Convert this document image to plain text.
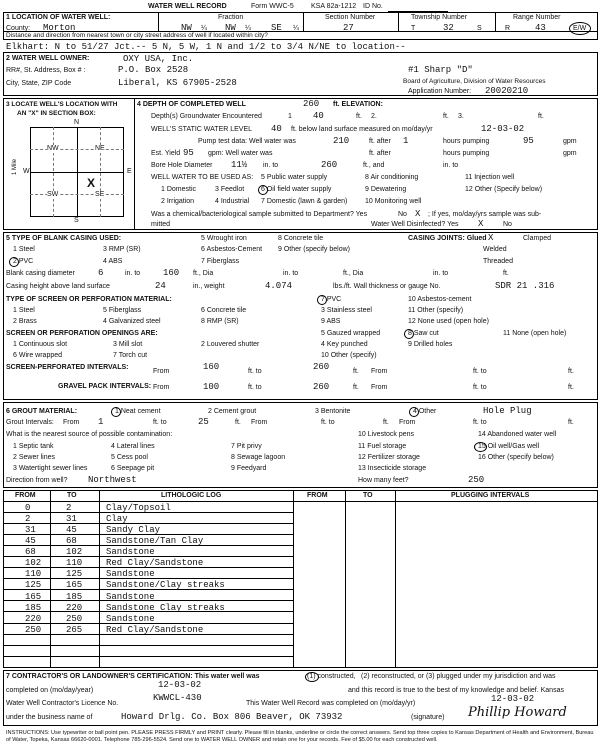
WATER WELL RECORD	Form WWC-5 KSA 82a-1212 ID No.
1 LOCATION OF WATER WELL:
County: Morton
Fraction
NW ¼ NW ¼ SE ¼
Section Number
27
Township Number
T	32	S
Range Number
R	43	E/W
Distance and direction from nearest town or city street address of well if located within city?
Elkhart: N to 51/27 Jct.-- 5 N, 5 W, 1 N and 1/2 to 3/4 N/NE to location--
2 WATER WELL OWNER:	OXY USA, Inc.
#1 Sharp "D"
RR#, St. Address, Box # :	P.O. Box 2528
Board of Agriculture, Division of Water Resources
City, State, ZIP Code	Liberal, KS 67905-2528
Application Number: 20020210
3 LOCATE WELL'S LOCATION WITH
AN "X" IN SECTION BOX:
N
S
W	E
1 Mile
NW	NE
SW	SE
X
4 DEPTH OF COMPLETED WELL	260 ft. ELEVATION:
Depth(s) Groundwater Encountered	1 40	ft. 2.	ft. 3.	ft.
WELL'S STATIC WATER LEVEL 40 ft. below land surface measured on mo/day/yr	12-03-02
Pump test data: Well water was	210	ft. after 1	hours pumping	95	gpm
Est. Yield 95 gpm: Well water was	ft. after	hours pumping	gpm
Bore Hole Diameter 11½ in. to	260	ft., and	in. to
WELL WATER TO BE USED AS: 5 Public water supply	8 Air conditioning	11 Injection well
1 Domestic	3 Feedlot 6 Oil field water supply	9 Dewatering	12 Other (Specify below)
2 Irrigation	4 Industrial 7 Domestic (lawn & garden)	10 Monitoring well
Was a chemical/bacteriological sample submitted to Department? Yes	No X ; If yes, mo/day/yrs sample was sub-
mitted	Water Well Disinfected? Yes X	No
5 TYPE OF BLANK CASING USED:	5 Wrought iron	8 Concrete tile	CASING JOINTS: Glued X	Clamped
1 Steel	3 RMP (SR)	6 Asbestos-Cement 9 Other (specify below)	Welded
2 PVC	4 ABS	7 Fiberglass	Threaded
Blank casing diameter	6	in. to	160 ft., Dia	in. to	ft., Dia	in. to	ft.
Casing height above land surface	24	in., weight	4.074	lbs./ft. Wall thickness or gauge No.	SDR 21 .316
TYPE OF SCREEN OR PERFORATION MATERIAL:	7 PVC	10 Asbestos-cement
1 Steel	5 Fiberglass	6 Concrete tile	3 Stainless steel	11 Other (specify)
2 Brass	4 Galvanized steel	8 RMP (SR)	9 ABS	12 None used (open hole)
SCREEN OR PERFORATION OPENINGS ARE:	5 Gauzed wrapped	8 Saw cut	11 None (open hole)
1 Continuous slot	3 Mill slot	2 Louvered shutter	4 Key punched	9 Drilled holes
6 Wire wrapped	7 Torch cut	10 Other (specify)
SCREEN-PERFORATED INTERVALS:
From	160	ft. to	260	ft. From	ft. to	ft.
GRAVEL PACK INTERVALS: From	100	ft. to	260	ft. From	ft. to	ft.
6 GROUT MATERIAL:	1 Neat cement	2 Cement grout	3 Bentonite	4 Other	Hole Plug
Grout Intervals: From 1	ft. to	25	ft. From	ft. to	ft. From	ft. to	ft.
What is the nearest source of possible contamination:	10 Livestock pens	14 Abandoned water well
1 Septic tank	4 Lateral lines	7 Pit privy	11 Fuel storage	15 Oil well/Gas well
2 Sewer lines	5 Cess pool	8 Sewage lagoon	12 Fertilizer storage	16 Other (specify below)
3 Watertight sewer lines	6 Seepage pit	9 Feedyard	13 Insecticide storage
Direction from well? Northwest	How many feet?	250
FROM	TO	LITHOLOGIC LOG	FROM	TO	PLUGGING INTERVALS
0	2	Clay/Topsoil
2	31	Clay
31	45	Sandy Clay
45	68	Sandstone/Tan Clay
68	102	Sandstone
102	110	Red Clay/Sandstone
110	125	Sandstone
125	165	Sandstone/Clay streaks
165	185	Sandstone
185	220	Sandstone Clay streaks
220	250	Sandstone
250	265	Red Clay/Sandstone
7 CONTRACTOR'S OR LANDOWNER'S CERTIFICATION: This water well was	(1) constructed, (2) reconstructed, or (3) plugged under my jurisdiction and was
completed on (mo/day/year)
12-03-02
and this record is true to the best of my knowledge and belief. Kansas
Water Well Contractor's Licence No.
KWWCL-430
This Water Well Record was completed on (mo/day/yr)	12-03-02
under the business name of	Howard Drlg. Co. Box 806 Beaver, OK 73932	(signature) Phillip Howard
INSTRUCTIONS: Use typewriter or ball point pen. PLEASE PRESS FIRMLY and PRINT clearly. Please fill in blanks, underline or circle the correct answers. Send top three copies to Kansas Department of Health and Environment, Bureau of Water, Topeka, Kansas 66620-0001. Telephone 785-296-5524. Send one to WATER WELL OWNER and retain one for your records. Fee of $5.00 for each constructed well.
